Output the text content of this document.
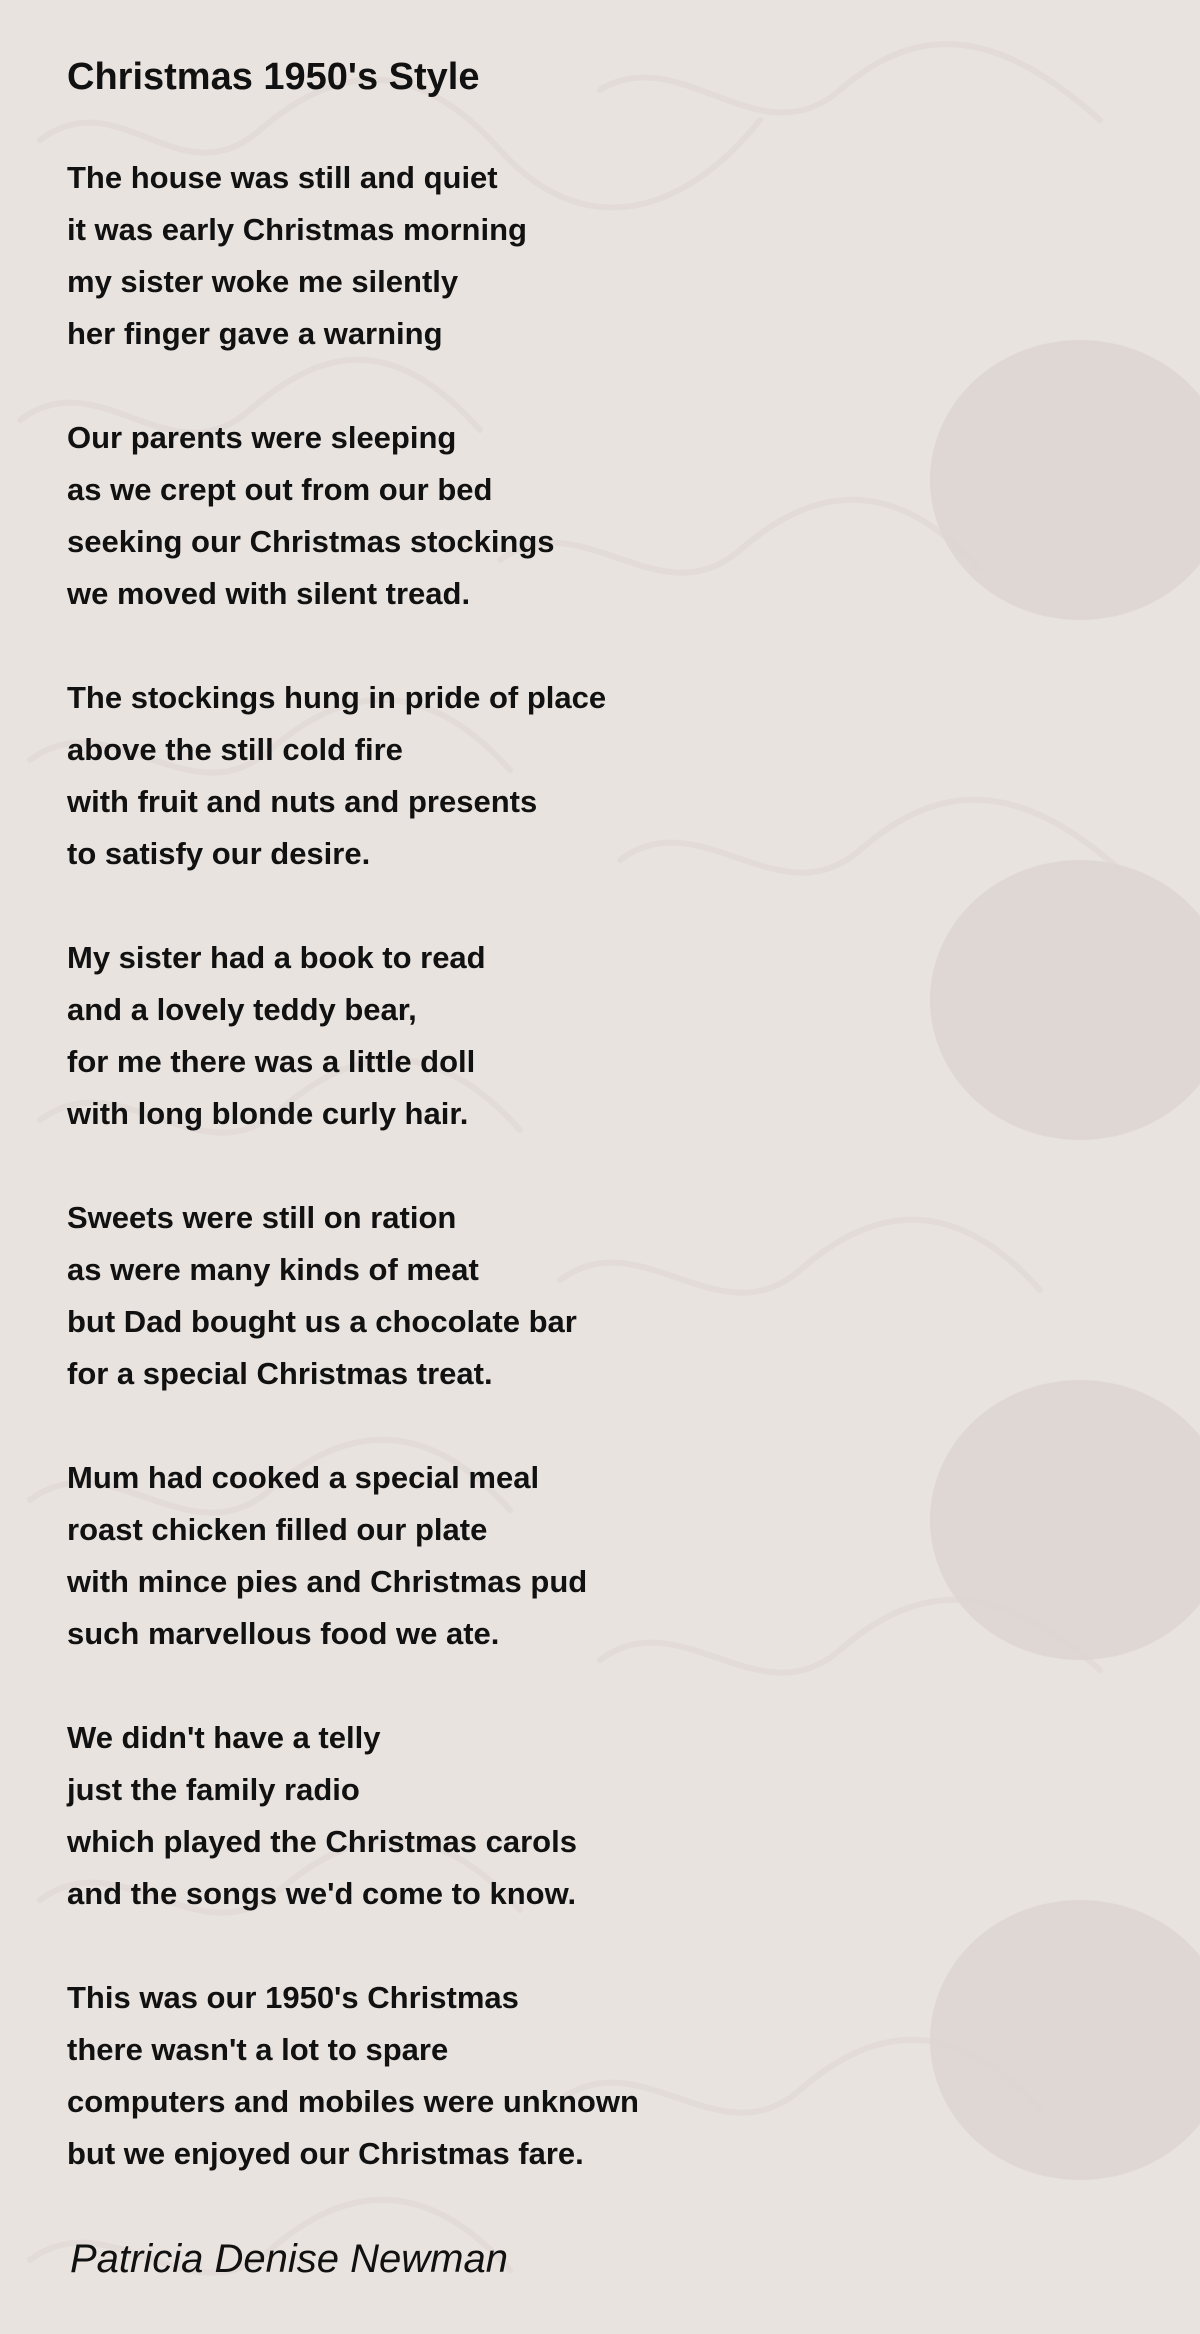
Christmas 1950's Style
The house was still and quiet
it was early Christmas morning
my sister woke me silently
her finger gave a warning
Our parents were sleeping
as we crept out from our bed
seeking our Christmas stockings
we moved with silent tread.
The stockings hung in pride of place
above the still cold fire
with fruit and nuts and presents
to satisfy our desire.
My sister had a book to read
and a lovely teddy bear,
for me there was a little doll
with long blonde curly hair.
Sweets were still on ration
as were many kinds of meat
but Dad bought us a chocolate bar
for a special Christmas treat.
Mum had cooked a special meal
roast chicken filled our plate
with mince pies and Christmas pud
such marvellous food we ate.
We didn't have a telly
just the family radio
which played the Christmas carols
and the songs we'd come to know.
This was our 1950's Christmas
there wasn't a lot to spare
computers and mobiles were unknown
but we enjoyed our Christmas fare.
Patricia Denise Newman
